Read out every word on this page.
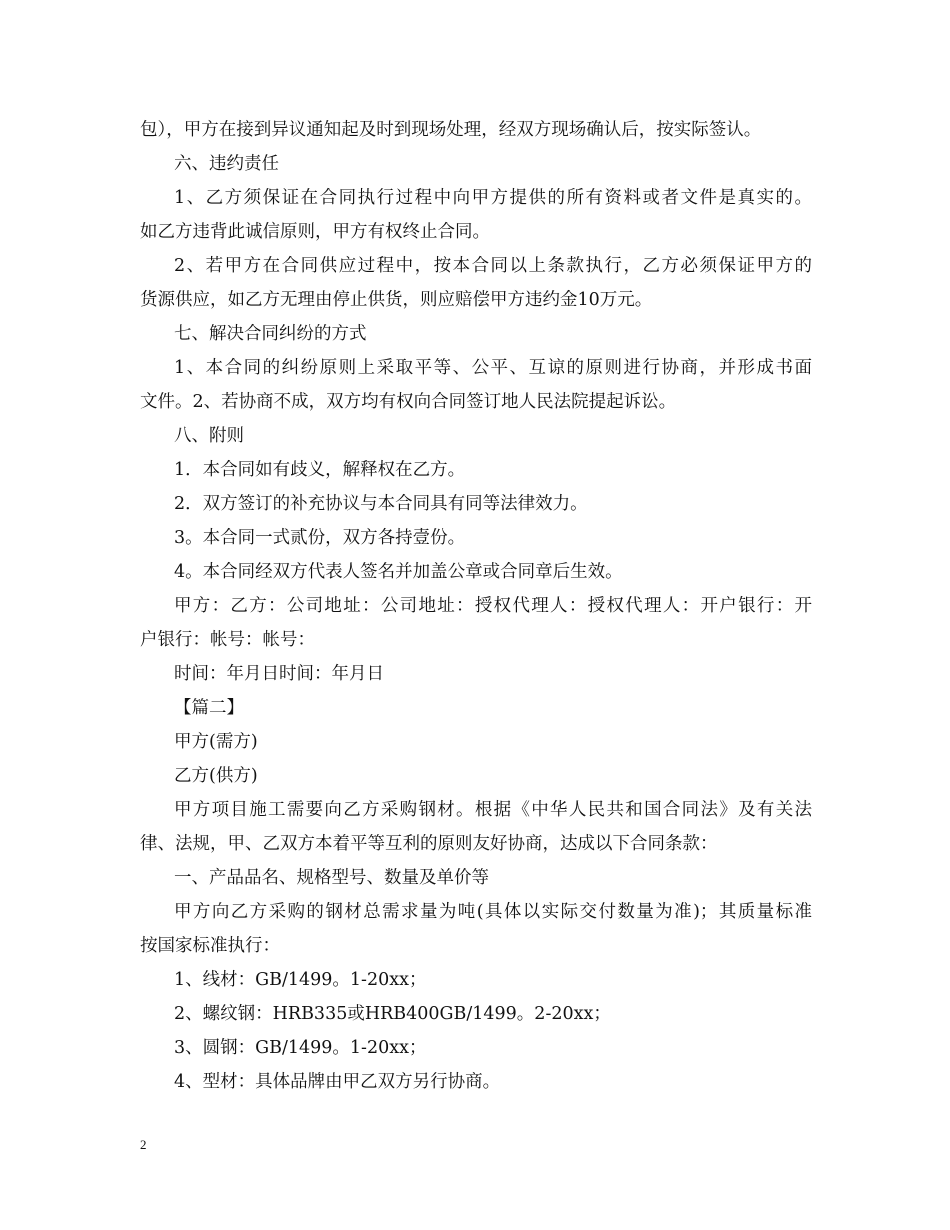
包），甲方在接到异议通知起及时到现场处理，经双方现场确认后，按实际签认。
六、违约责任
1、乙方须保证在合同执行过程中向甲方提供的所有资料或者文件是真实的。
如乙方违背此诚信原则，甲方有权终止合同。
2、若甲方在合同供应过程中，按本合同以上条款执行，乙方必须保证甲方的
货源供应，如乙方无理由停止供货，则应赔偿甲方违约金10万元。
七、解决合同纠纷的方式
1、本合同的纠纷原则上采取平等、公平、互谅的原则进行协商，并形成书面
文件。2、若协商不成，双方均有权向合同签订地人民法院提起诉讼。
八、附则
1．本合同如有歧义，解释权在乙方。
2．双方签订的补充协议与本合同具有同等法律效力。
3。本合同一式贰份，双方各持壹份。
4。本合同经双方代表人签名并加盖公章或合同章后生效。
甲方：乙方：公司地址：公司地址：授权代理人：授权代理人：开户银行：开
户银行：帐号：帐号：
时间：年月日时间：年月日
【篇二】
甲方(需方)
乙方(供方)
甲方项目施工需要向乙方采购钢材。根据《中华人民共和国合同法》及有关法
律、法规，甲、乙双方本着平等互利的原则友好协商，达成以下合同条款：
一、产品品名、规格型号、数量及单价等
甲方向乙方采购的钢材总需求量为吨(具体以实际交付数量为准)；其质量标准
按国家标准执行：
1、线材：GB/1499。1-20xx；
2、螺纹钢：HRB335或HRB400GB/1499。2-20xx；
3、圆钢：GB/1499。1-20xx；
4、型材：具体品牌由甲乙双方另行协商。
2
